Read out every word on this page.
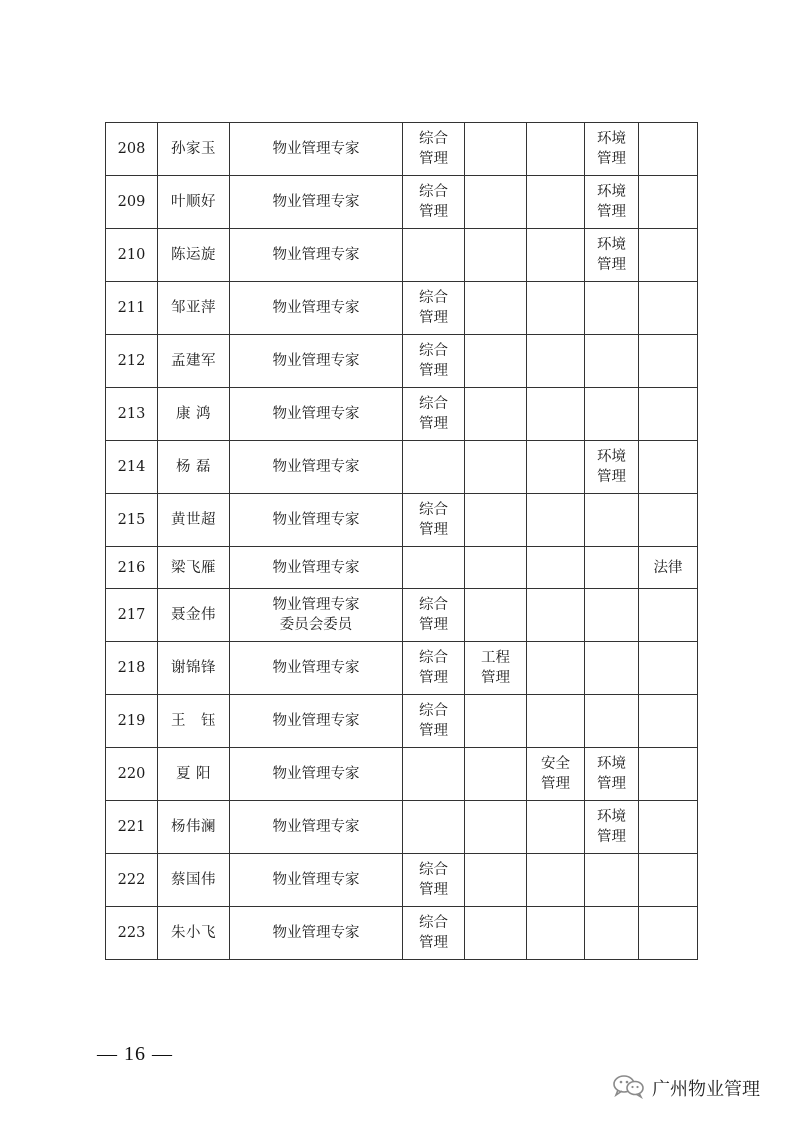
208	孙家玉	物业管理专家	综合管理			环境管理	
209	叶顺好	物业管理专家	综合管理			环境管理	
210	陈运旋	物业管理专家				环境管理	
211	邹亚萍	物业管理专家	综合管理				
212	孟建军	物业管理专家	综合管理				
213	康 鸿	物业管理专家	综合管理				
214	杨 磊	物业管理专家				环境管理	
215	黄世超	物业管理专家	综合管理				
216	梁飞雁	物业管理专家					法律
217	聂金伟	物业管理专家
委员会委员	综合管理				
218	谢锦锋	物业管理专家	综合管理	工程管理			
219	王　钰	物业管理专家	综合管理				
220	夏 阳	物业管理专家			安全管理	环境管理	
221	杨伟澜	物业管理专家				环境管理	
222	蔡国伟	物业管理专家	综合管理				
223	朱小飞	物业管理专家	综合管理				
— 16 —
广州物业管理
